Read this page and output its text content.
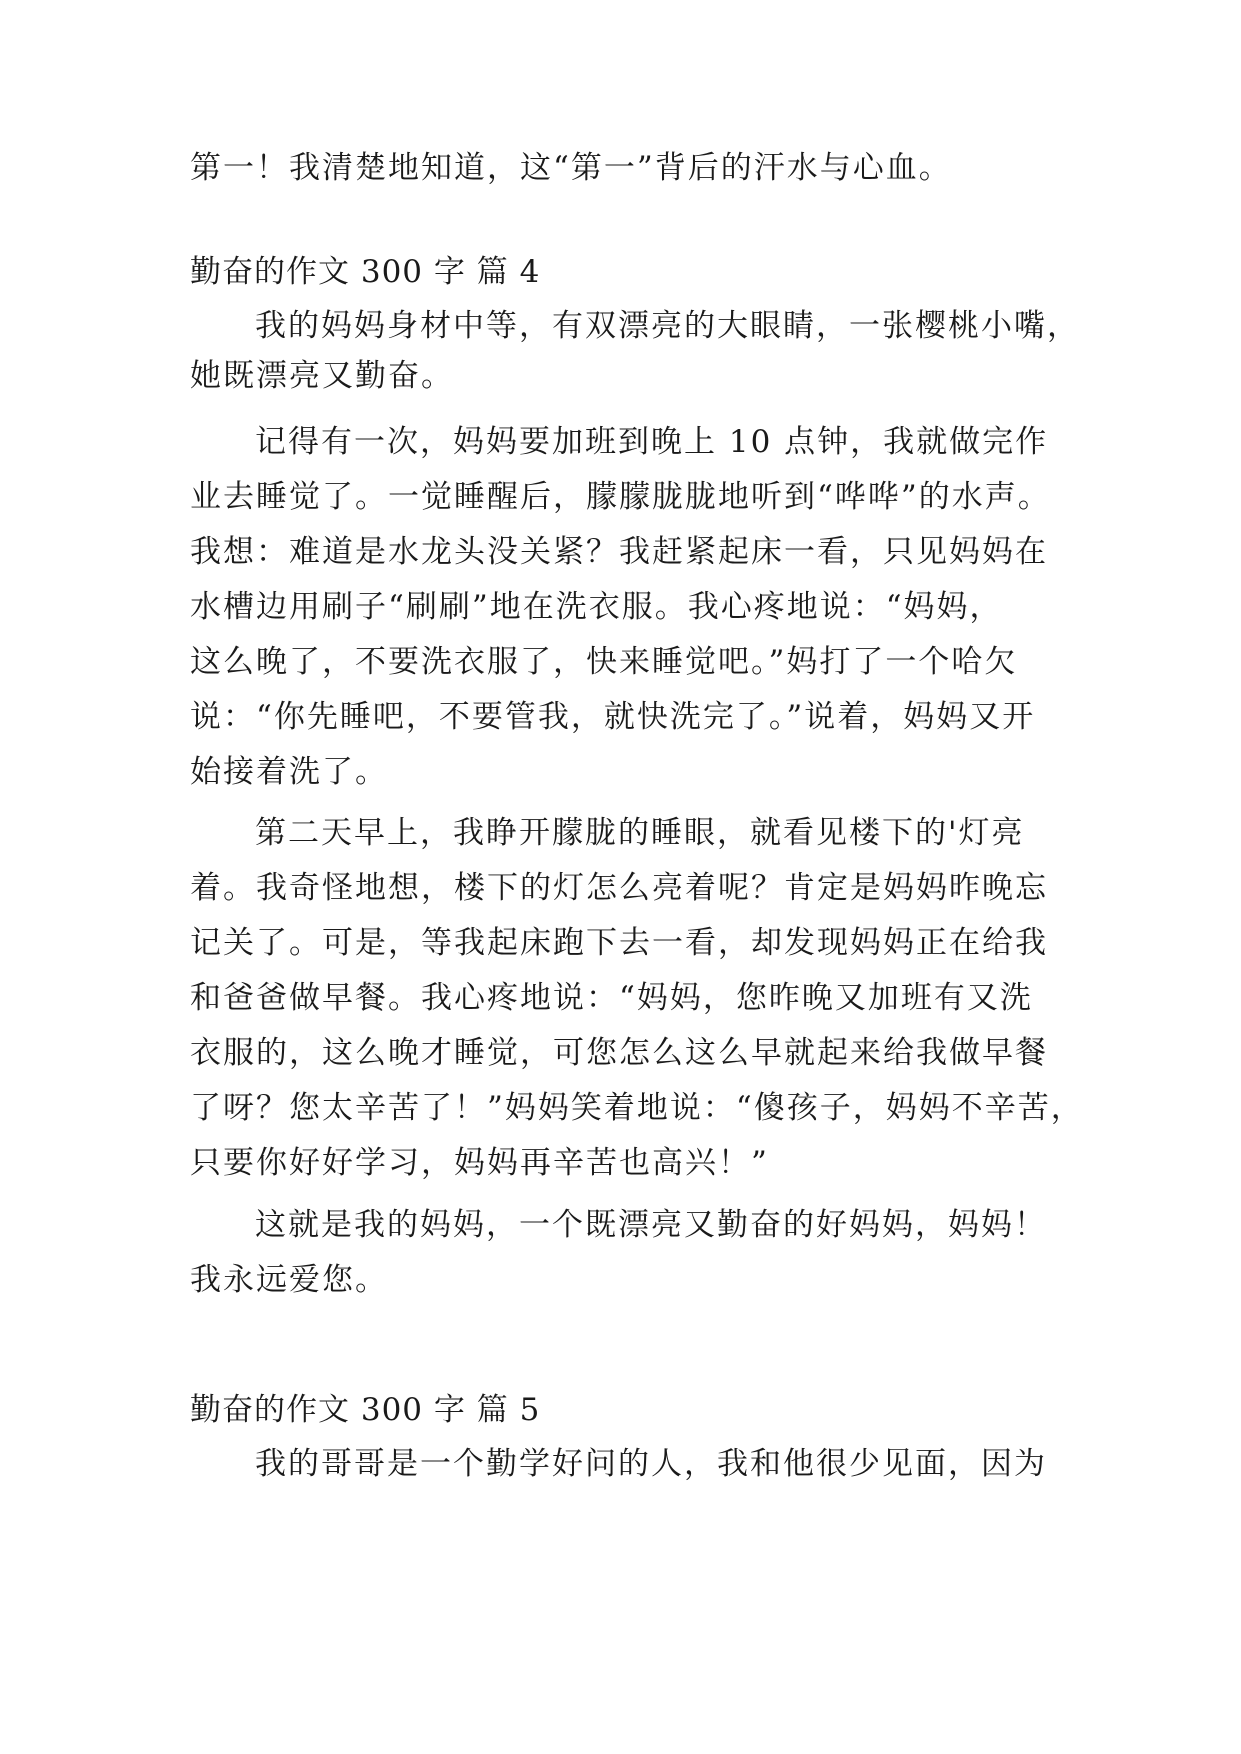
第一！我清楚地知道，这“第一”背后的汗水与心血。
勤奋的作文 300 字 篇 4
我的妈妈身材中等，有双漂亮的大眼睛，一张樱桃小嘴，
她既漂亮又勤奋。
记得有一次，妈妈要加班到晚上 10 点钟，我就做完作
业去睡觉了。一觉睡醒后，朦朦胧胧地听到“哗哗”的水声。
我想：难道是水龙头没关紧？我赶紧起床一看，只见妈妈在
水槽边用刷子“刷刷”地在洗衣服。我心疼地说：“妈妈，
这么晚了，不要洗衣服了，快来睡觉吧。”妈打了一个哈欠
说：“你先睡吧，不要管我，就快洗完了。”说着，妈妈又开
始接着洗了。
第二天早上，我睁开朦胧的睡眼，就看见楼下的'灯亮
着。我奇怪地想，楼下的灯怎么亮着呢？肯定是妈妈昨晚忘
记关了。可是，等我起床跑下去一看，却发现妈妈正在给我
和爸爸做早餐。我心疼地说：“妈妈，您昨晚又加班有又洗
衣服的，这么晚才睡觉，可您怎么这么早就起来给我做早餐
了呀？您太辛苦了！”妈妈笑着地说：“傻孩子，妈妈不辛苦，
只要你好好学习，妈妈再辛苦也高兴！”
这就是我的妈妈，一个既漂亮又勤奋的好妈妈，妈妈！
我永远爱您。
勤奋的作文 300 字 篇 5
我的哥哥是一个勤学好问的人，我和他很少见面，因为
